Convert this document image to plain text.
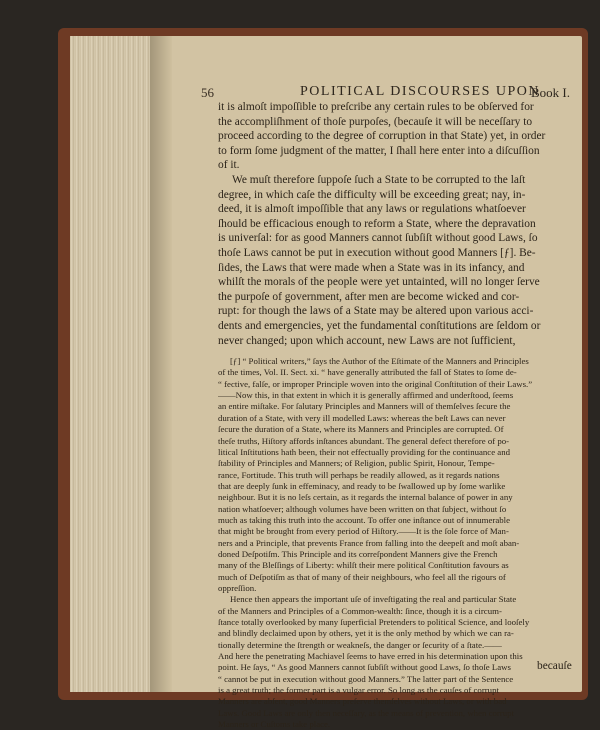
56	POLITICAL DISCOURSES UPON
Book I.
it is almoſt impoſſible to preſcribe any certain rules to be obſerved for
the accompliſhment of thoſe purpoſes, (becauſe it will be neceſſary to
proceed according to the degree of corruption in that State) yet, in order
to form ſome judgment of the matter, I ſhall here enter into a diſcuſſion
of it.
We muſt therefore ſuppoſe ſuch a State to be corrupted to the laſt
degree, in which caſe the difficulty will be exceeding great; nay, in-
deed, it is almoſt impoſſible that any laws or regulations whatſoever
ſhould be efficacious enough to reform a State, where the depravation
is univerſal: for as good Manners cannot ſubſiſt without good Laws, ſo
thoſe Laws cannot be put in execution without good Manners [ƒ]. Be-
ſides, the Laws that were made when a State was in its infancy, and
whilſt the morals of the people were yet untainted, will no longer ſerve
the purpoſe of government, after men are become wicked and cor-
rupt: for though the laws of a State may be altered upon various acci-
dents and emergencies, yet the fundamental conſtitutions are ſeldom or
never changed; upon which account, new Laws are not ſufficient,
[ƒ] “ Political writers,” ſays the Author of the Eſtimate of the Manners and Principles
of the times, Vol. II. Sect. xi. “ have generally attributed the fall of States to ſome de-
“ fective, falſe, or improper Principle woven into the original Conſtitution of their Laws.”
——Now this, in that extent in which it is generally affirmed and underſtood, ſeems
an entire miſtake. For ſalutary Principles and Manners will of themſelves ſecure the
duration of a State, with very ill modelled Laws: whereas the beſt Laws can never
ſecure the duration of a State, where its Manners and Principles are corrupted. Of
theſe truths, Hiſtory affords inſtances abundant. The general defect therefore of po-
litical Inſtitutions hath been, their not effectually providing for the continuance and
ſtability of Principles and Manners; of Religion, public Spirit, Honour, Tempe-
rance, Fortitude. This truth will perhaps be readily allowed, as it regards nations
that are deeply ſunk in effeminacy, and ready to be ſwallowed up by ſome warlike
neighbour. But it is no leſs certain, as it regards the internal balance of power in any
nation whatſoever; although volumes have been written on that ſubject, without ſo
much as taking this truth into the account. To offer one inſtance out of innumerable
that might be brought from every period of Hiſtory.——It is the ſole force of Man-
ners and a Principle, that prevents France from falling into the deepeſt and moſt aban-
doned Deſpotiſm. This Principle and its correſpondent Manners give the French
many of the Bleſſings of Liberty: whilſt their mere political Conſtitution favours as
much of Deſpotiſm as that of many of their neighbours, who feel all the rigours of
oppreſſion.
Hence then appears the important uſe of inveſtigating the real and particular State
of the Manners and Principles of a Common-wealth: ſince, though it is a circum-
ſtance totally overlooked by many ſuperficial Pretenders to political Science, and looſely
and blindly declaimed upon by others, yet it is the only method by which we can ra-
tionally determine the ſtrength or weakneſs, the danger or ſecurity of a ſtate.——
And here the penetrating Machiavel ſeems to have erred in his determination upon this
point. He ſays, “ As good Manners cannot ſubſiſt without good Laws, ſo thoſe Laws
“ cannot be put in execution without good Manners.” The latter part of the Sentence
is a great truth; the former part is a vulgar error. So long as the cauſes of corrupt
Manners are abſent, good Manners preſerve themſelves without Laws, or with bad
Laws. Good Laws are only then neceſſary, as the means of prevention, when corrupt
Manners or Cuſtoms take place.
becauſe
